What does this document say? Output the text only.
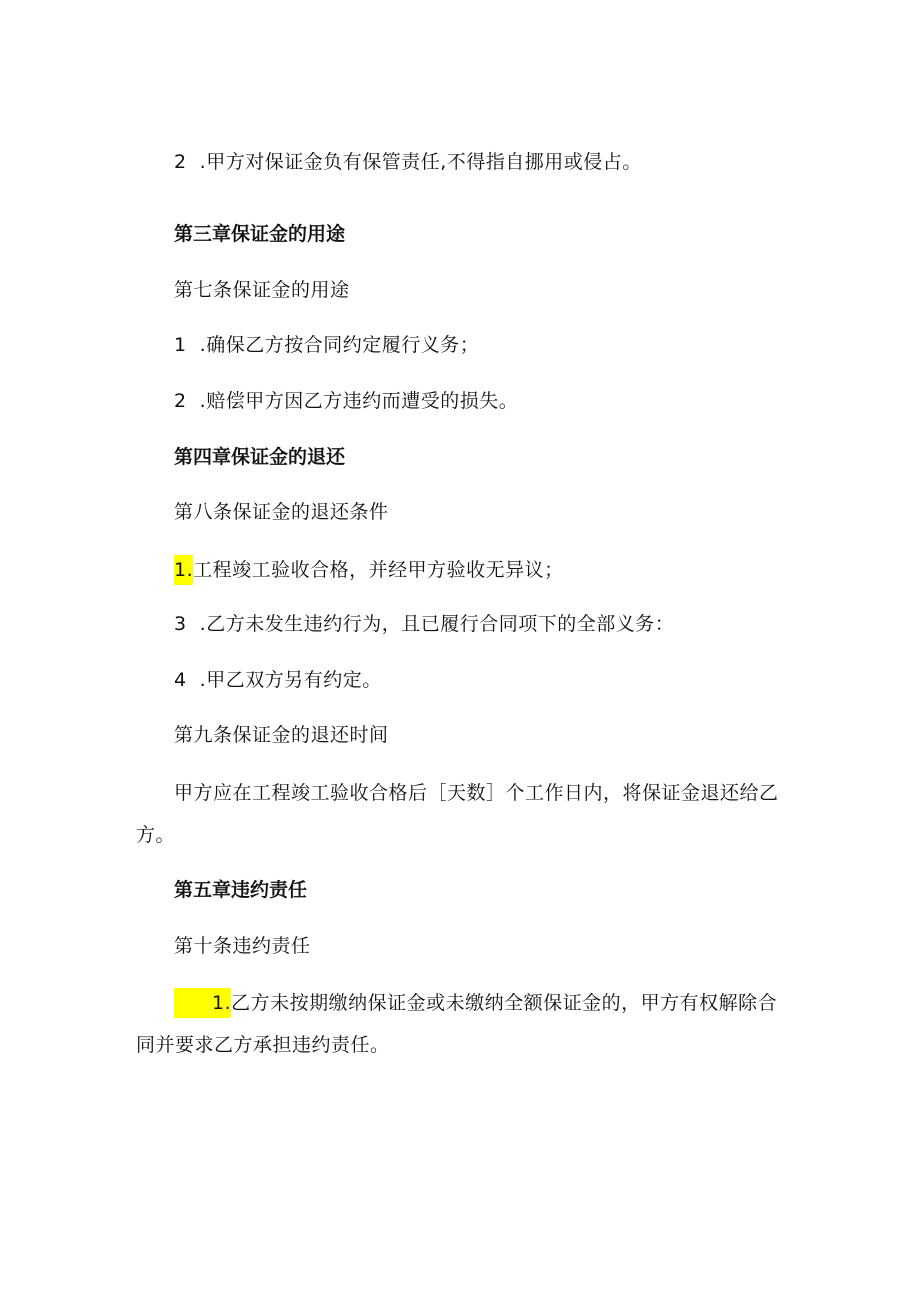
2  .甲方对保证金负有保管责任,不得指自挪用或侵占。
第三章保证金的用途
第七条保证金的用途
1  .确保乙方按合同约定履行义务；
2  .赔偿甲方因乙方违约而遭受的损失。
第四章保证金的退还
第八条保证金的退还条件
1.工程竣工验收合格，并经甲方验收无异议；
3  .乙方未发生违约行为，且已履行合同项下的全部义务：
4  .甲乙双方另有约定。
第九条保证金的退还时间
甲方应在工程竣工验收合格后［天数］个工作日内，将保证金退还给乙方。
第五章违约责任
第十条违约责任
1.乙方未按期缴纳保证金或未缴纳全额保证金的，甲方有权解除合同并要求乙方承担违约责任。
